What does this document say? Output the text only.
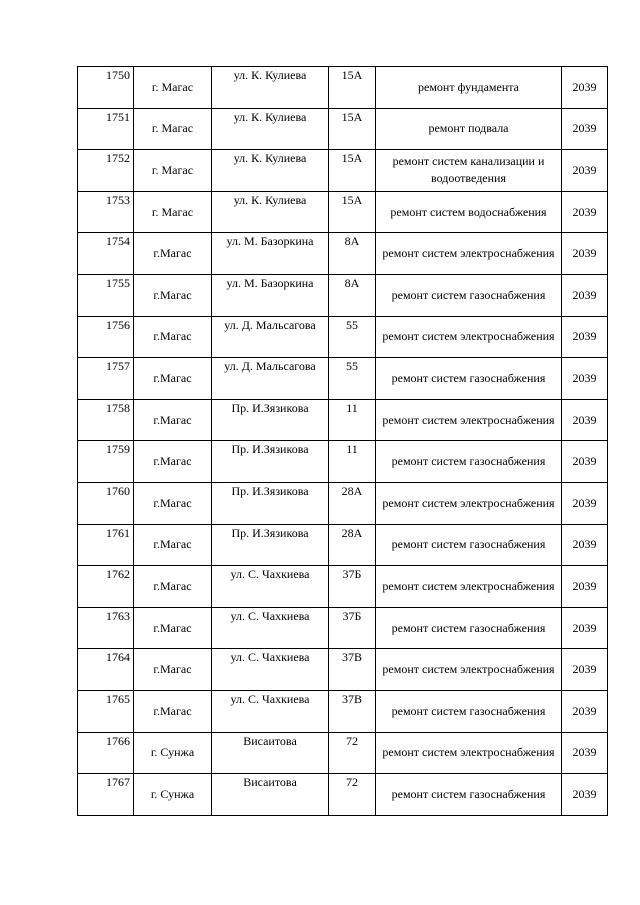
1750	г. Магас	ул. К. Кулиева	15А	ремонт фундамента	2039
1751	г. Магас	ул. К. Кулиева	15А	ремонт подвала	2039
1752	г. Магас	ул. К. Кулиева	15А	ремонт систем канализации и водоотведения	2039
1753	г. Магас	ул. К. Кулиева	15А	ремонт систем водоснабжения	2039
1754	г.Магас	ул. М. Базоркина	8А	ремонт систем электроснабжения	2039
1755	г.Магас	ул. М. Базоркина	8А	ремонт систем газоснабжения	2039
1756	г.Магас	ул. Д. Мальсагова	55	ремонт систем электроснабжения	2039
1757	г.Магас	ул. Д. Мальсагова	55	ремонт систем газоснабжения	2039
1758	г.Магас	Пр. И.Зязикова	11	ремонт систем электроснабжения	2039
1759	г.Магас	Пр. И.Зязикова	11	ремонт систем газоснабжения	2039
1760	г.Магас	Пр. И.Зязикова	28А	ремонт систем электроснабжения	2039
1761	г.Магас	Пр. И.Зязикова	28А	ремонт систем газоснабжения	2039
1762	г.Магас	ул. С. Чахкиева	37Б	ремонт систем электроснабжения	2039
1763	г.Магас	ул. С. Чахкиева	37Б	ремонт систем газоснабжения	2039
1764	г.Магас	ул. С. Чахкиева	37В	ремонт систем электроснабжения	2039
1765	г.Магас	ул. С. Чахкиева	37В	ремонт систем газоснабжения	2039
1766	г. Сунжа	Висаитова	72	ремонт систем электроснабжения	2039
1767	г. Сунжа	Висаитова	72	ремонт систем газоснабжения	2039
